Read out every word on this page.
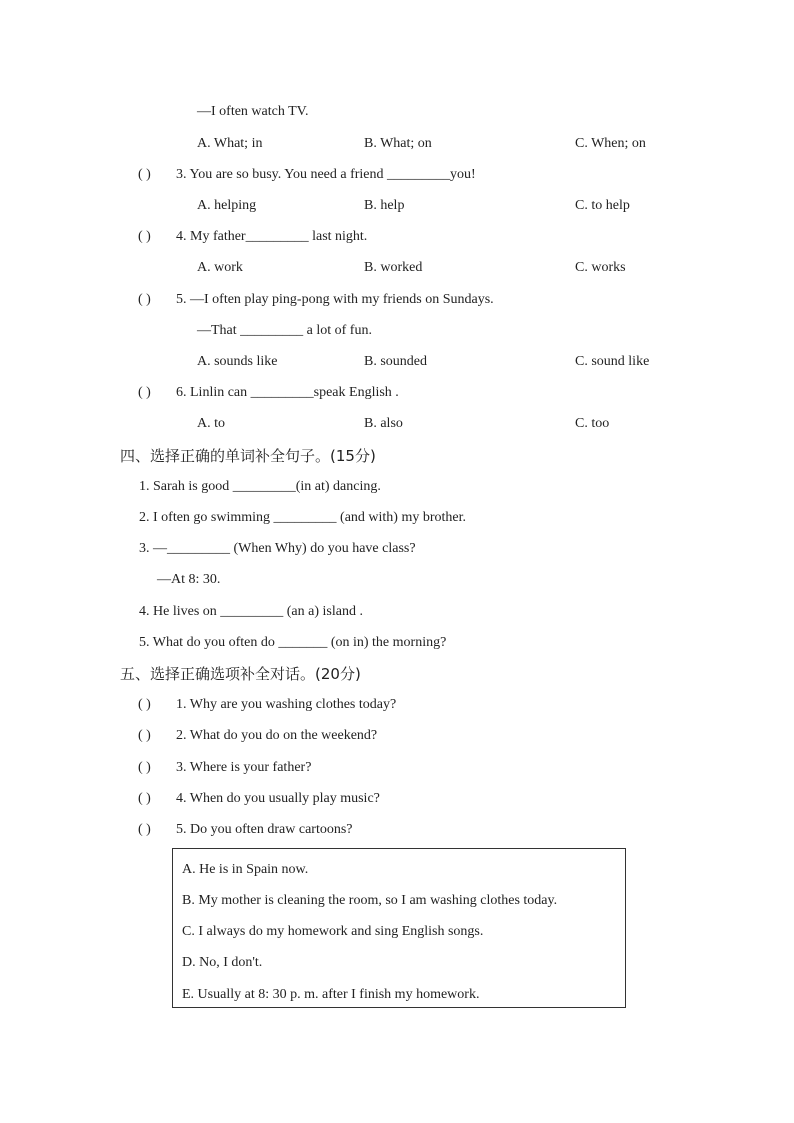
—I often watch TV.
A. What; in	B. What; on	C. When; on
( ) 3. You are so busy. You need a friend _________you!
A. helping	B. help	C. to help
( ) 4. My father_________ last night.
A. work	B. worked	C. works
( ) 5. —I often play ping-pong with my friends on Sundays.
—That _________ a lot of fun.
A. sounds like	B. sounded	C. sound like
( ) 6. Linlin can _________speak English .
A. to	B. also	C. too
四、选择正确的单词补全句子。(15分)
1. Sarah is good _________(in at) dancing.
2. I often go swimming _________ (and with) my brother.
3. —_________ (When Why) do you have class?
—At 8: 30.
4. He lives on _________ (an a) island .
5. What do you often do _______ (on in) the morning?
五、选择正确选项补全对话。(20分)
( ) 1. Why are you washing clothes today?
( ) 2. What do you do on the weekend?
( ) 3. Where is your father?
( ) 4. When do you usually play music?
( ) 5. Do you often draw cartoons?
A. He is in Spain now.
B. My mother is cleaning the room, so I am washing clothes today.
C. I always do my homework and sing English songs.
D. No, I don't.
E. Usually at 8: 30 p. m. after I finish my homework.
